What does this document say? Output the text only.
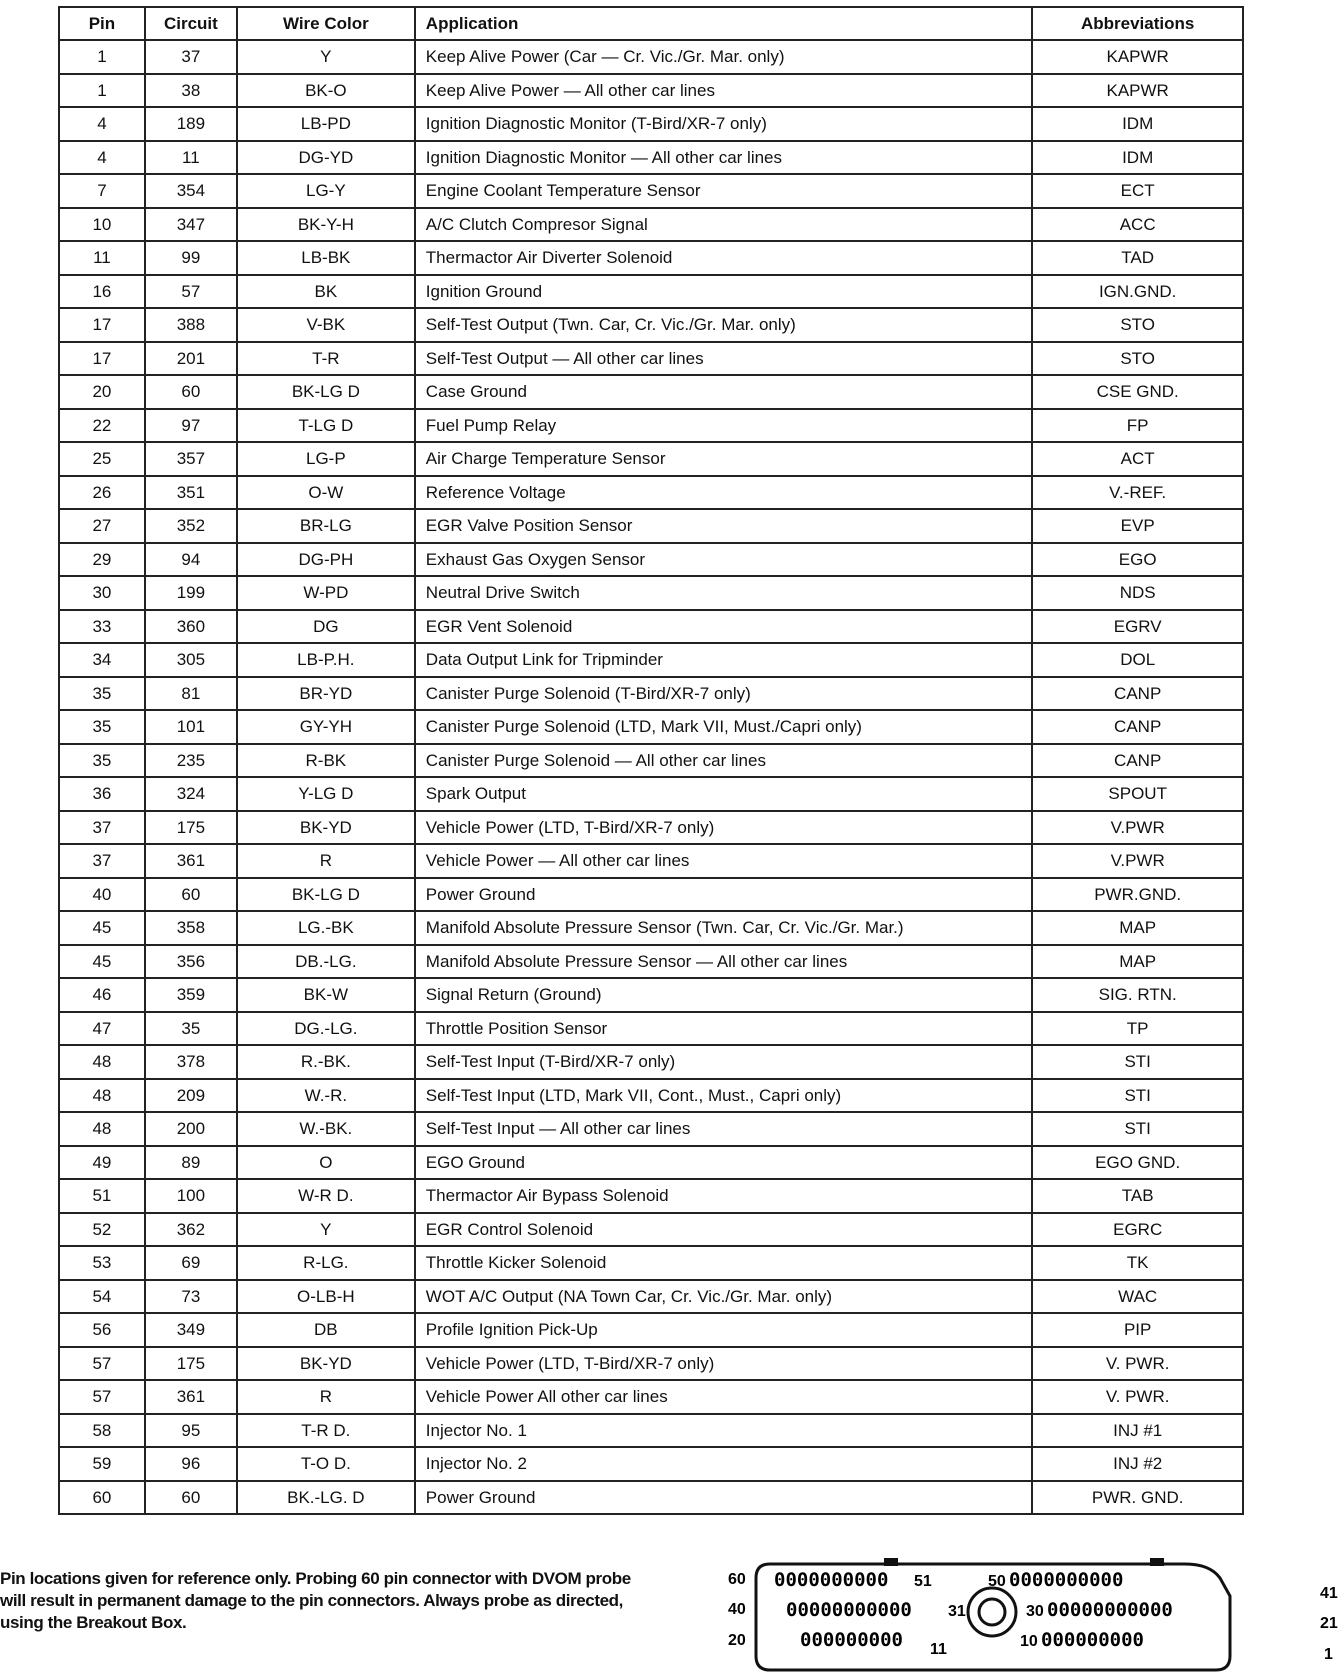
Pin	Circuit	Wire Color	Application	Abbreviations
1	37	Y	Keep Alive Power (Car — Cr. Vic./Gr. Mar. only)	KAPWR
1	38	BK-O	Keep Alive Power — All other car lines	KAPWR
4	189	LB-PD	Ignition Diagnostic Monitor (T-Bird/XR-7 only)	IDM
4	11	DG-YD	Ignition Diagnostic Monitor — All other car lines	IDM
7	354	LG-Y	Engine Coolant Temperature Sensor	ECT
10	347	BK-Y-H	A/C Clutch Compresor Signal	ACC
11	99	LB-BK	Thermactor Air Diverter Solenoid	TAD
16	57	BK	Ignition Ground	IGN.GND.
17	388	V-BK	Self-Test Output (Twn. Car, Cr. Vic./Gr. Mar. only)	STO
17	201	T-R	Self-Test Output — All other car lines	STO
20	60	BK-LG D	Case Ground	CSE GND.
22	97	T-LG D	Fuel Pump Relay	FP
25	357	LG-P	Air Charge Temperature Sensor	ACT
26	351	O-W	Reference Voltage	V.-REF.
27	352	BR-LG	EGR Valve Position Sensor	EVP
29	94	DG-PH	Exhaust Gas Oxygen Sensor	EGO
30	199	W-PD	Neutral Drive Switch	NDS
33	360	DG	EGR Vent Solenoid	EGRV
34	305	LB-P.H.	Data Output Link for Tripminder	DOL
35	81	BR-YD	Canister Purge Solenoid (T-Bird/XR-7 only)	CANP
35	101	GY-YH	Canister Purge Solenoid (LTD, Mark VII, Must./Capri only)	CANP
35	235	R-BK	Canister Purge Solenoid — All other car lines	CANP
36	324	Y-LG D	Spark Output	SPOUT
37	175	BK-YD	Vehicle Power (LTD, T-Bird/XR-7 only)	V.PWR
37	361	R	Vehicle Power — All other car lines	V.PWR
40	60	BK-LG D	Power Ground	PWR.GND.
45	358	LG.-BK	Manifold Absolute Pressure Sensor (Twn. Car, Cr. Vic./Gr. Mar.)	MAP
45	356	DB.-LG.	Manifold Absolute Pressure Sensor — All other car lines	MAP
46	359	BK-W	Signal Return (Ground)	SIG. RTN.
47	35	DG.-LG.	Throttle Position Sensor	TP
48	378	R.-BK.	Self-Test Input (T-Bird/XR-7 only)	STI
48	209	W.-R.	Self-Test Input (LTD, Mark VII, Cont., Must., Capri only)	STI
48	200	W.-BK.	Self-Test Input — All other car lines	STI
49	89	O	EGO Ground	EGO GND.
51	100	W-R D.	Thermactor Air Bypass Solenoid	TAB
52	362	Y	EGR Control Solenoid	EGRC
53	69	R-LG.	Throttle Kicker Solenoid	TK
54	73	O-LB-H	WOT A/C Output (NA Town Car, Cr. Vic./Gr. Mar. only)	WAC
56	349	DB	Profile Ignition Pick-Up	PIP
57	175	BK-YD	Vehicle Power (LTD, T-Bird/XR-7 only)	V. PWR.
57	361	R	Vehicle Power All other car lines	V. PWR.
58	95	T-R D.	Injector No. 1	INJ #1
59	96	T-O D.	Injector No. 2	INJ #2
60	60	BK.-LG. D	Power Ground	PWR. GND.
Pin locations given for reference only. Probing 60 pin connector with DVOM probe
will result in permanent damage to the pin connectors. Always probe as directed,
using the Breakout Box.
60
40
20
0000000000
00000000000
000000000
51
31
11
50 0000000000
30 00000000000
10 000000000
41
21
1
